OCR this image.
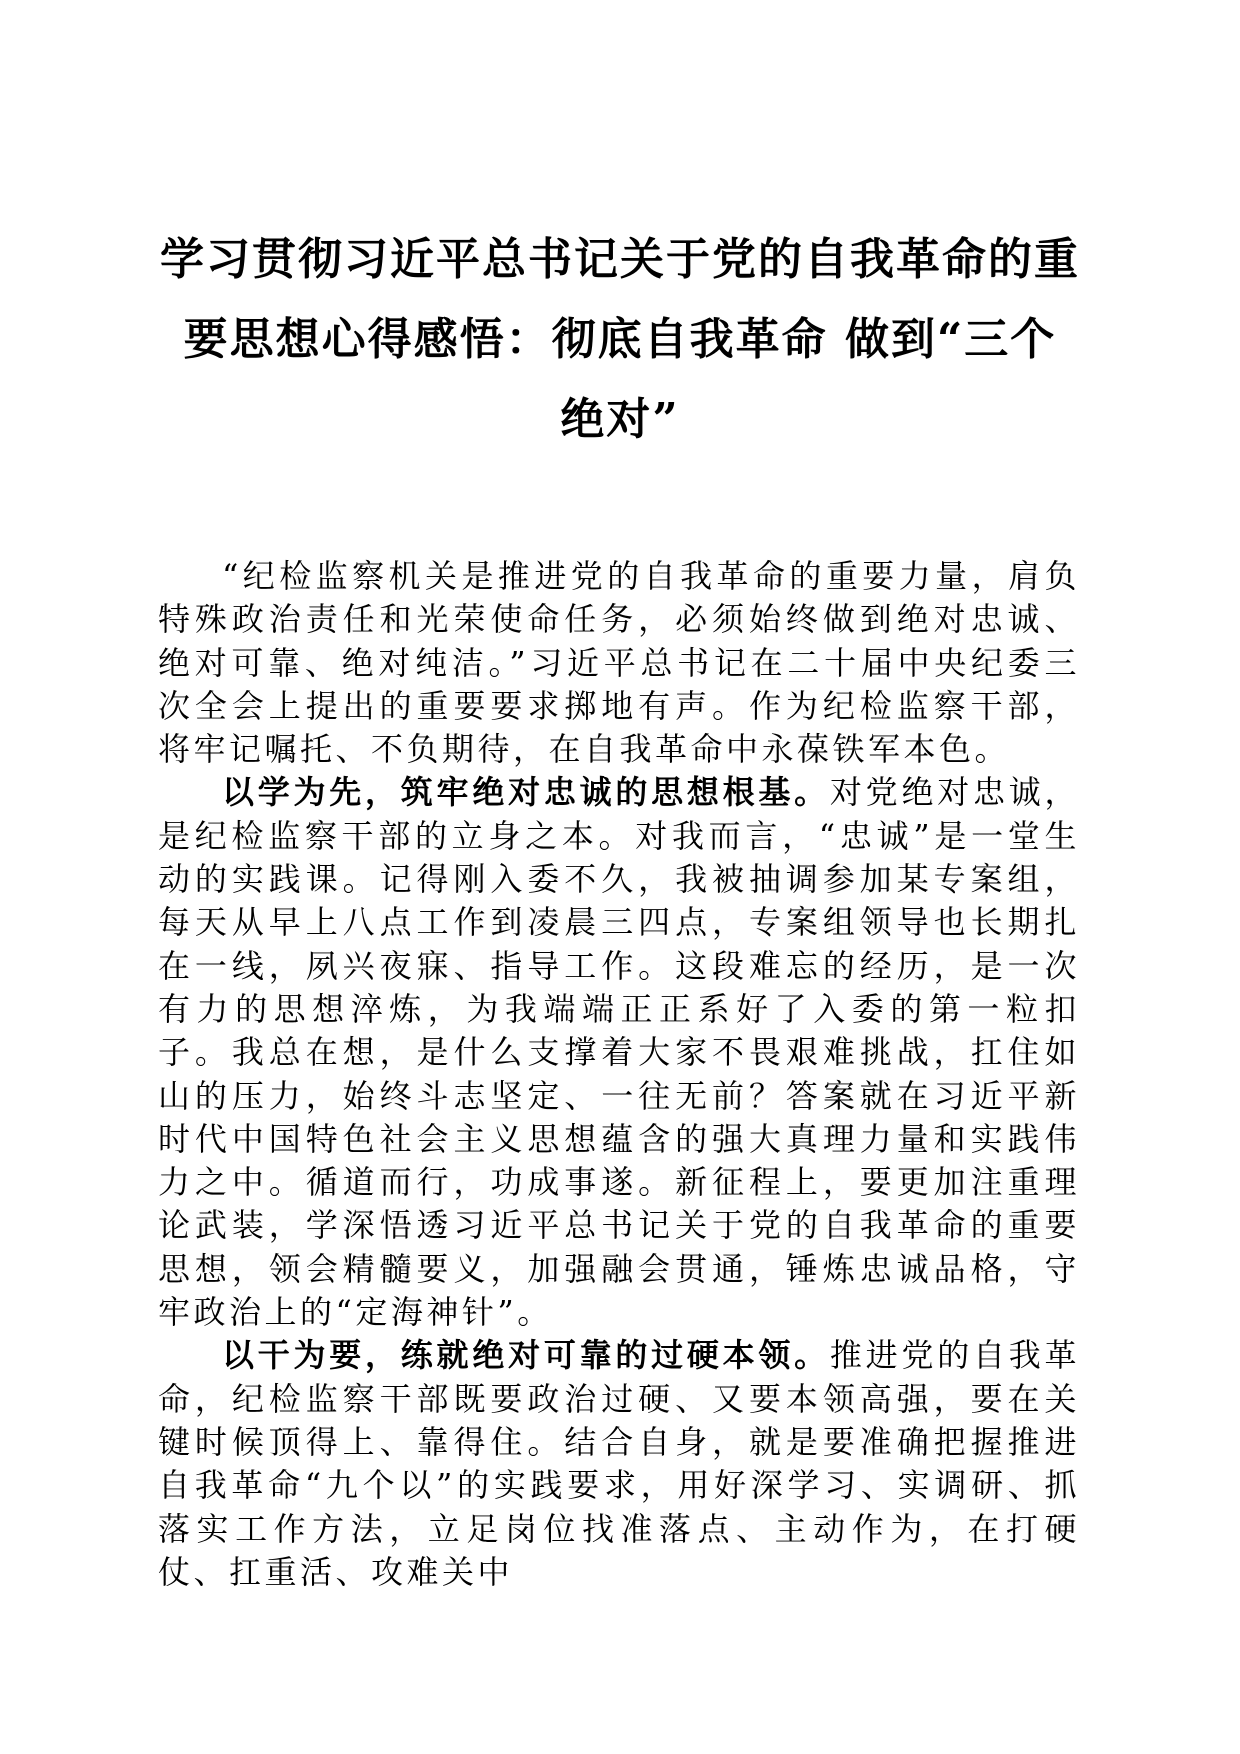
学习贯彻习近平总书记关于党的自我革命的重
要思想心得感悟：彻底自我革命 做到“三个
绝对”

“纪检监察机关是推进党的自我革命的重要力量，肩负特殊政治责任和光荣使命任务，必须始终做到绝对忠诚、绝对可靠、绝对纯洁。”习近平总书记在二十届中央纪委三次全会上提出的重要要求掷地有声。作为纪检监察干部，将牢记嘱托、不负期待，在自我革命中永葆铁军本色。

以学为先，筑牢绝对忠诚的思想根基。对党绝对忠诚，是纪检监察干部的立身之本。对我而言，“忠诚”是一堂生动的实践课。记得刚入委不久，我被抽调参加某专案组，每天从早上八点工作到凌晨三四点，专案组领导也长期扎在一线，夙兴夜寐、指导工作。这段难忘的经历，是一次有力的思想淬炼，为我端端正正系好了入委的第一粒扣子。我总在想，是什么支撑着大家不畏艰难挑战，扛住如山的压力，始终斗志坚定、一往无前？答案就在习近平新时代中国特色社会主义思想蕴含的强大真理力量和实践伟力之中。循道而行，功成事遂。新征程上，要更加注重理论武装，学深悟透习近平总书记关于党的自我革命的重要思想，领会精髓要义，加强融会贯通，锤炼忠诚品格，守牢政治上的“定海神针”。

以干为要，练就绝对可靠的过硬本领。推进党的自我革命，纪检监察干部既要政治过硬、又要本领高强，要在关键时候顶得上、靠得住。结合自身，就是要准确把握推进自我革命“九个以”的实践要求，用好深学习、实调研、抓落实工作方法，立足岗位找准落点、主动作为，在打硬仗、扛重活、攻难关中
